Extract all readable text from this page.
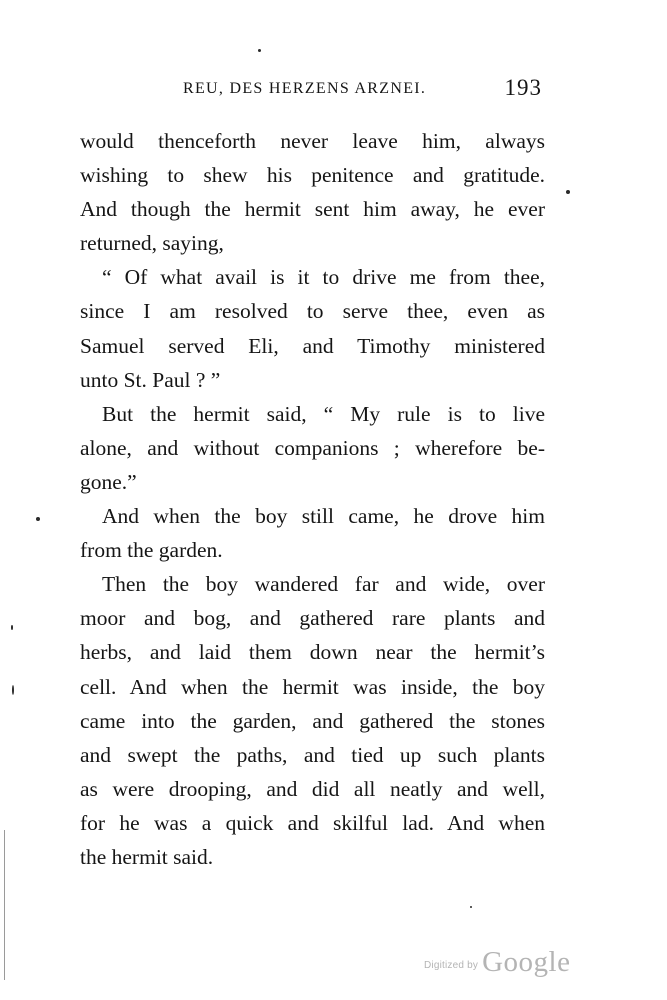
REU, DES HERZENS ARZNEI.	193
would thenceforth never leave him, always
wishing to shew his penitence and gratitude.
And though the hermit sent him away, he ever
returned, saying,
“ Of what avail is it to drive me from thee,
since I am resolved to serve thee, even as
Samuel served Eli, and Timothy ministered
unto St. Paul ? ”
But the hermit said, “ My rule is to live
alone, and without companions ; wherefore be-
gone.”
And when the boy still came, he drove him
from the garden.
Then the boy wandered far and wide, over
moor and bog, and gathered rare plants and
herbs, and laid them down near the hermit’s
cell. And when the hermit was inside, the boy
came into the garden, and gathered the stones
and swept the paths, and tied up such plants
as were drooping, and did all neatly and well,
for he was a quick and skilful lad. And when
the hermit said.
Digitized by Google
